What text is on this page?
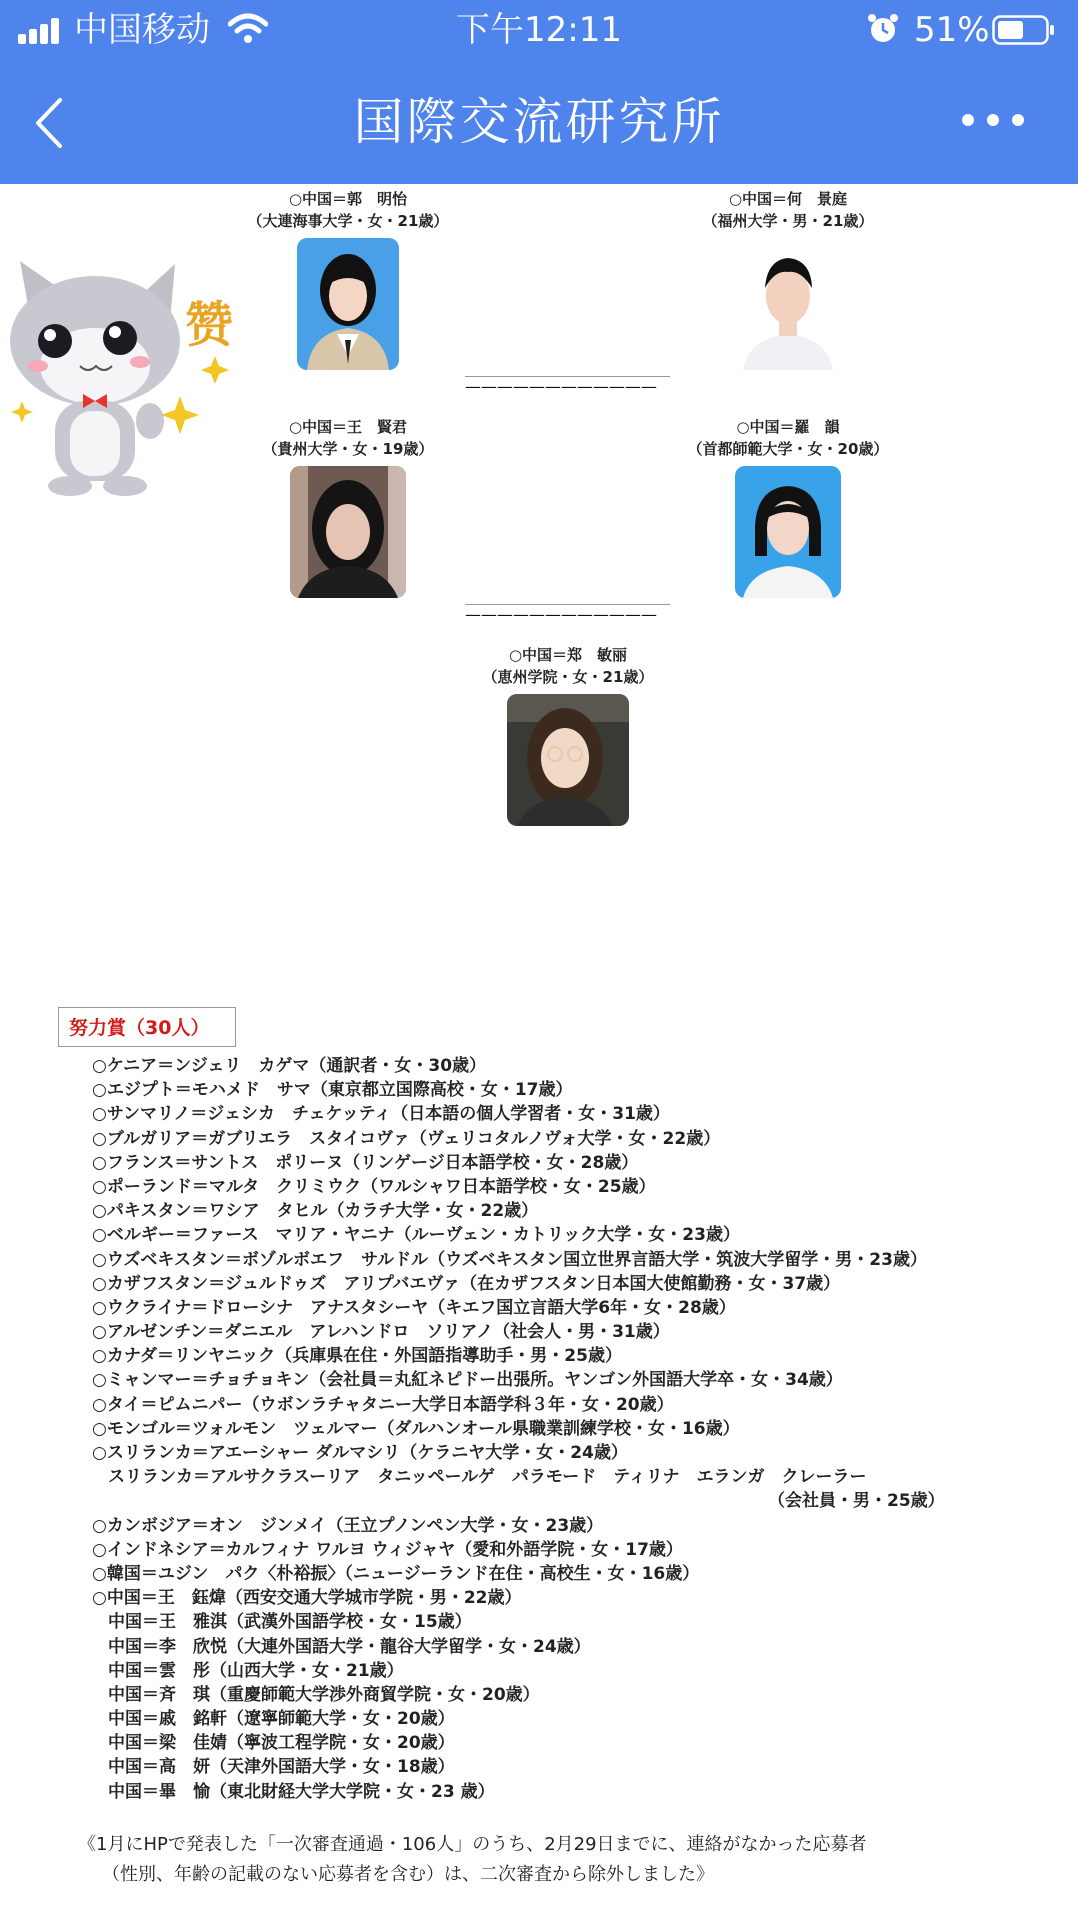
中国移动	下午12:11	51%
国際交流研究所
赞
○中国＝郭　明怡
（大連海事大学・女・21歳）
○中国＝何　景庭
（福州大学・男・21歳）
————————————
○中国＝王　賢君
（貴州大学・女・19歳）
○中国＝羅　韻
（首都師範大学・女・20歳）
————————————
○中国＝郑　敏丽
（恵州学院・女・21歳）
努力賞（30人）
○ケニア＝ンジェリ　カゲマ（通訳者・女・30歳）
○エジプト＝モハメド　サマ（東京都立国際高校・女・17歳）
○サンマリノ＝ジェシカ　チェケッティ（日本語の個人学習者・女・31歳）
○ブルガリア＝ガブリエラ　スタイコヴァ（ヴェリコタルノヴォ大学・女・22歳）
○フランス＝サントス　ポリーヌ（リンゲージ日本語学校・女・28歳）
○ポーランド＝マルタ　クリミウク（ワルシャワ日本語学校・女・25歳）
○パキスタン＝ワシア　タヒル（カラチ大学・女・22歳）
○ベルギー＝ファース　マリア・ヤニナ（ルーヴェン・カトリック大学・女・23歳）
○ウズベキスタン＝ボゾルボエフ　サルドル（ウズベキスタン国立世界言語大学・筑波大学留学・男・23歳）
○カザフスタン＝ジュルドゥズ　アリプバエヴァ（在カザフスタン日本国大使館勤務・女・37歳）
○ウクライナ＝ドローシナ　アナスタシーヤ（キエフ国立言語大学6年・女・28歳）
○アルゼンチン＝ダニエル　アレハンドロ　ソリアノ（社会人・男・31歳）
○カナダ＝リンヤニック（兵庫県在住・外国語指導助手・男・25歳）
○ミャンマー＝チョチョキン（会社員＝丸紅ネピドー出張所。ヤンゴン外国語大学卒・女・34歳）
○タイ＝ピムニパー（ウボンラチャタニー大学日本語学科３年・女・20歳）
○モンゴル＝ツォルモン　ツェルマー（ダルハンオール県職業訓練学校・女・16歳）
○スリランカ＝アエーシャー ダルマシリ（ケラニヤ大学・女・24歳）
スリランカ＝アルサクラスーリア　タニッペールゲ　パラモード　ティリナ　エランガ　クレーラー
（会社員・男・25歳）
○カンボジア＝オン　ジンメイ（王立プノンペン大学・女・23歳）
○インドネシア＝カルフィナ ワルヨ ウィジャヤ（愛和外語学院・女・17歳）
○韓国＝ユジン　パク〈朴裕振〉（ニュージーランド在住・高校生・女・16歳）
○中国＝王　鈺煒（西安交通大学城市学院・男・22歳）
中国＝王　雅淇（武漢外国語学校・女・15歳）
中国＝李　欣悦（大連外国語大学・龍谷大学留学・女・24歳）
中国＝雲　彤（山西大学・女・21歳）
中国＝斉　琪（重慶師範大学渉外商貿学院・女・20歳）
中国＝戚　銘軒（遼寧師範大学・女・20歳）
中国＝梁　佳婧（寧波工程学院・女・20歳）
中国＝高　妍（天津外国語大学・女・18歳）
中国＝畢　愉（東北財経大学大学院・女・23 歳）
《1月にHPで発表した「一次審査通過・106人」のうち、2月29日までに、連絡がなかった応募者
（性別、年齢の記載のない応募者を含む）は、二次審査から除外しました》
